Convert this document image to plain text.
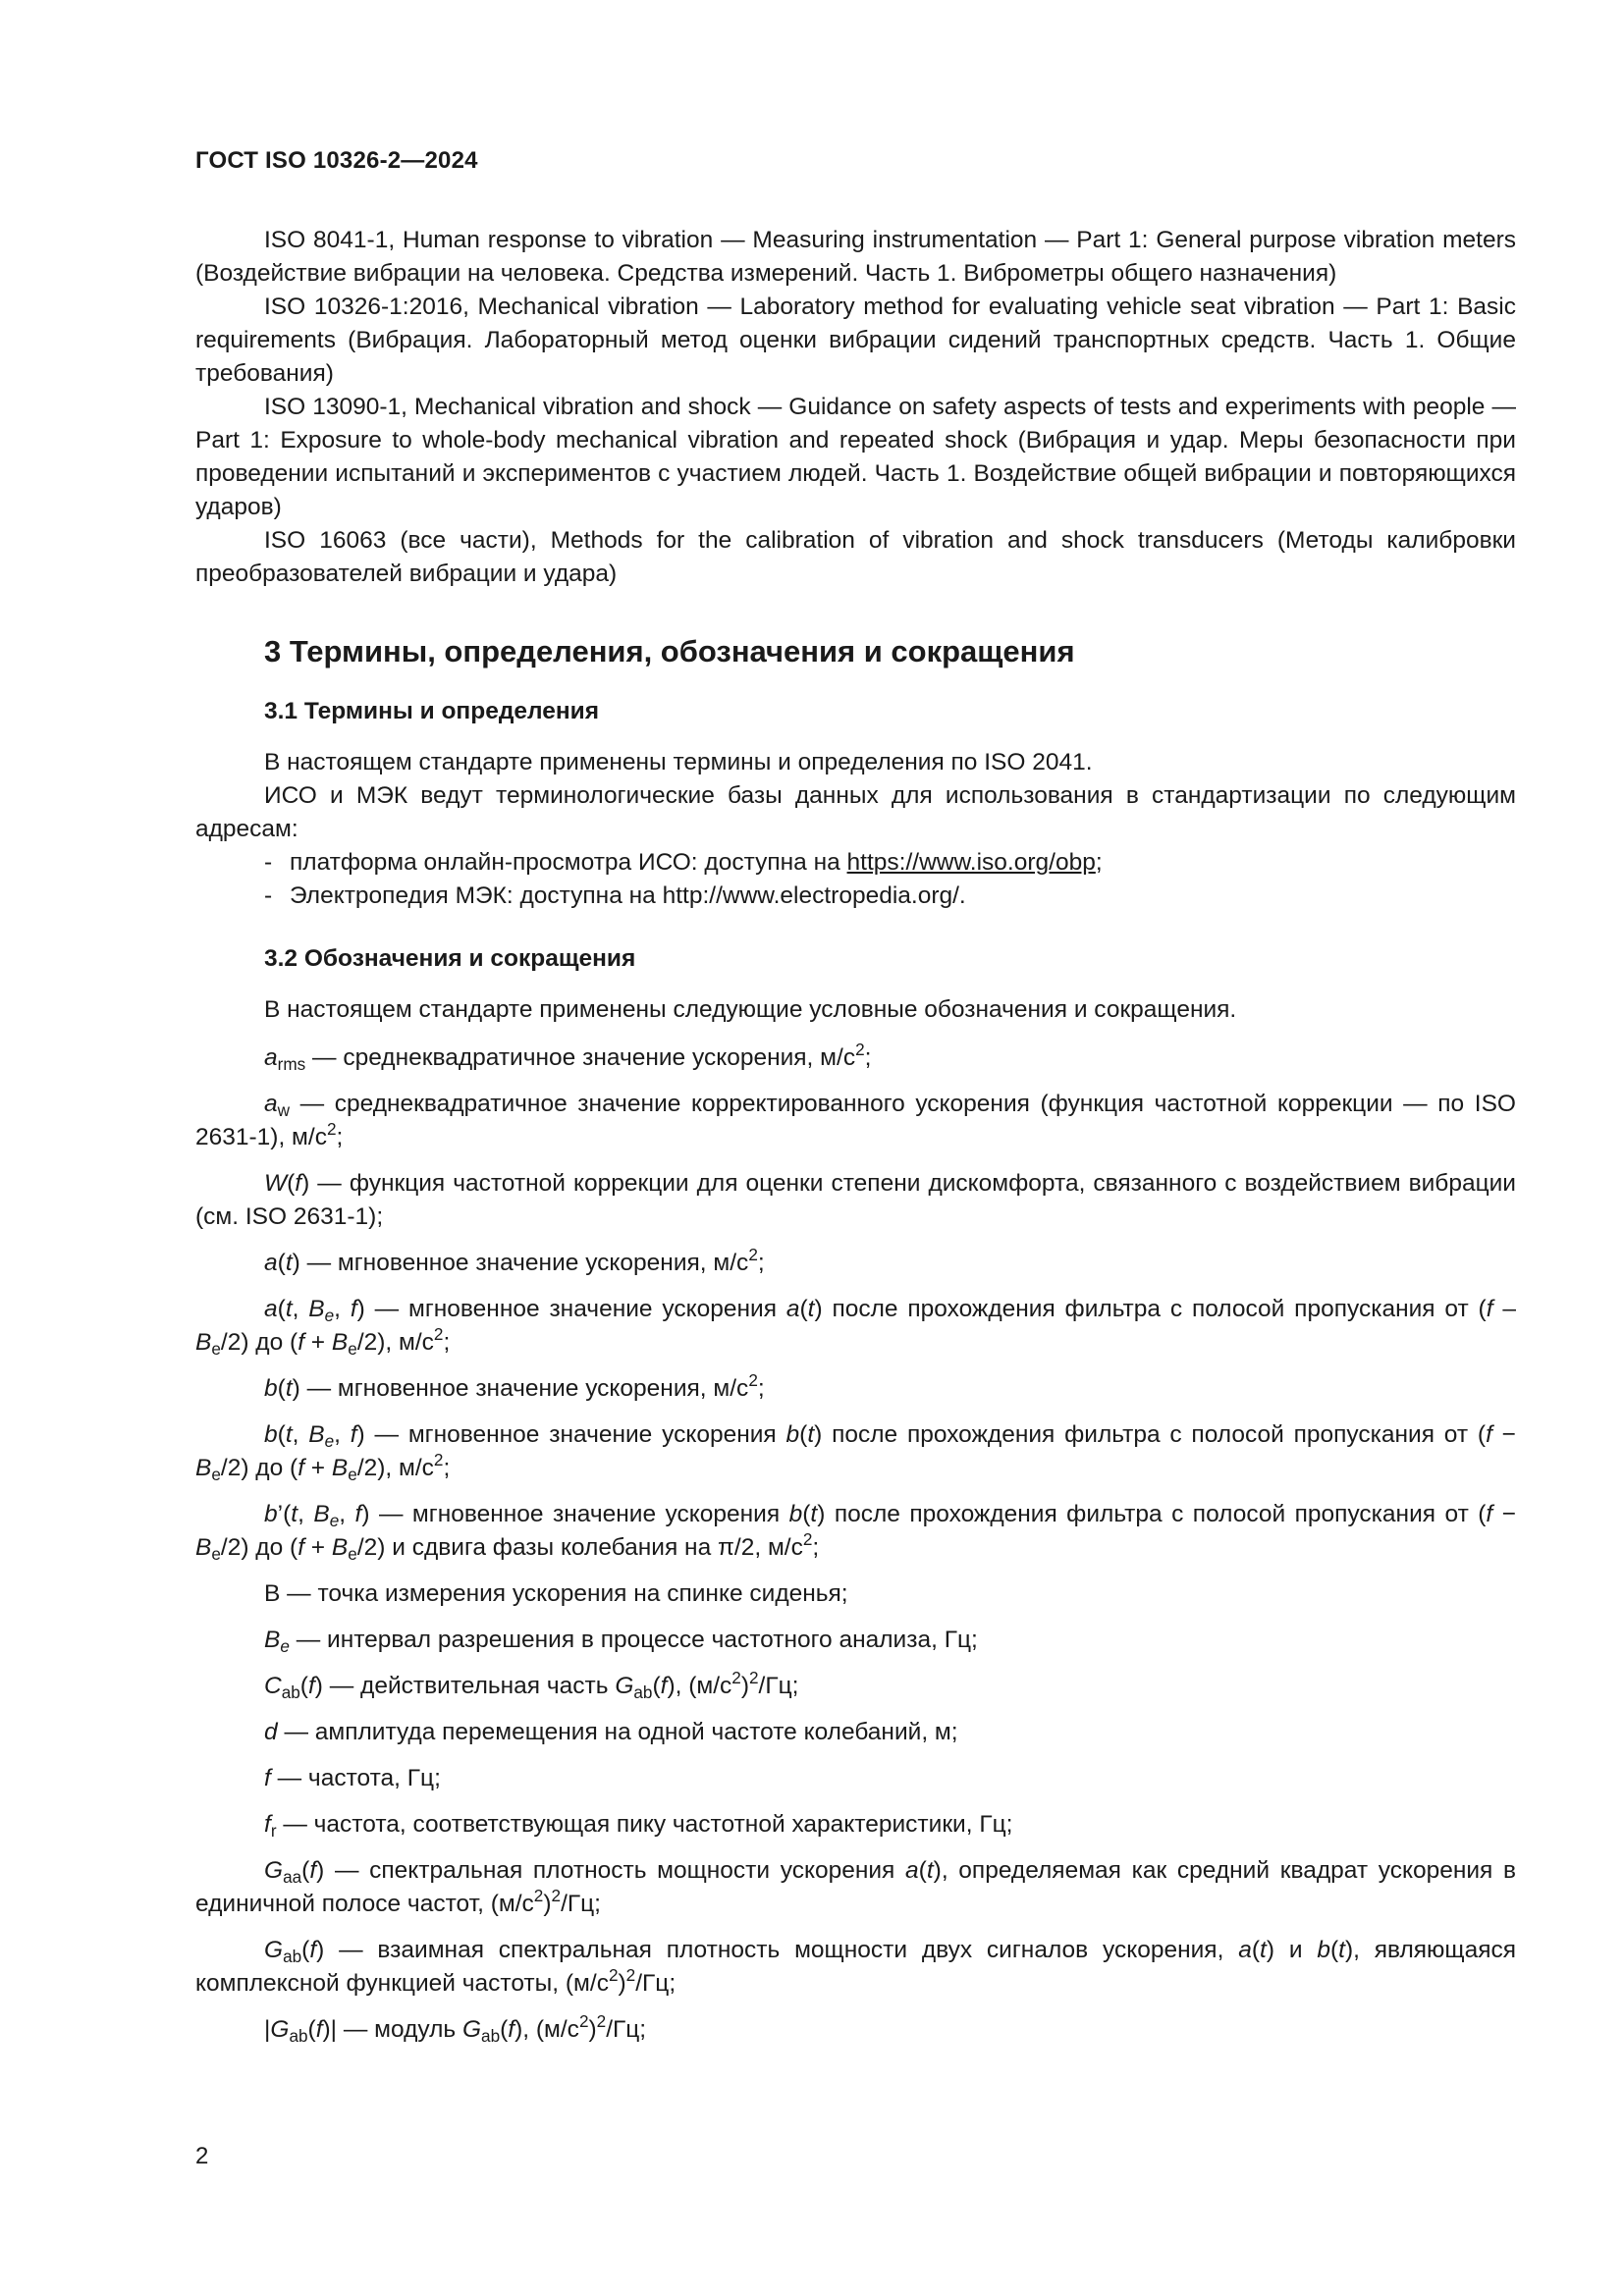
ГОСТ ISO 10326-2—2024

ISO 8041-1, Human response to vibration — Measuring instrumentation — Part 1: General purpose vibration meters (Воздействие вибрации на человека. Средства измерений. Часть 1. Виброметры общего назначения)

ISO 10326-1:2016, Mechanical vibration — Laboratory method for evaluating vehicle seat vibration — Part 1: Basic requirements (Вибрация. Лабораторный метод оценки вибрации сидений транспортных средств. Часть 1. Общие требования)

ISO 13090-1, Mechanical vibration and shock — Guidance on safety aspects of tests and experiments with people — Part 1: Exposure to whole-body mechanical vibration and repeated shock (Вибрация и удар. Меры безопасности при проведении испытаний и экспериментов с участием людей. Часть 1. Воздействие общей вибрации и повторяющихся ударов)

ISO 16063 (все части), Methods for the calibration of vibration and shock transducers (Методы калибровки преобразователей вибрации и удара)

3 Термины, определения, обозначения и сокращения
3.1 Термины и определения

В настоящем стандарте применены термины и определения по ISO 2041.

ИСО и МЭК ведут терминологические базы данных для использования в стандартизации по следующим адресам:

- платформа онлайн-просмотра ИСО: доступна на https://www.iso.org/obp;
- Электропедия МЭК: доступна на http://www.electropedia.org/.
3.2 Обозначения и сокращения

В настоящем стандарте применены следующие условные обозначения и сокращения.

$a_{rms}$ — среднеквадратичное значение ускорения, $м/с^2$;

$a_w$ — среднеквадратичное значение корректированного ускорения (функция частотной коррекции — по ISO 2631-1), $м/с^2$;

W(f) — функция частотной коррекции для оценки степени дискомфорта, связанного с воздействием вибрации (см. ISO 2631-1);

a(t) — мгновенное значение ускорения, $м/с^2$;

a(t, $B_e$, f) — мгновенное значение ускорения a(t) после прохождения фильтра с полосой пропускания от $(f - B_e/2)$ до $(f + B_e/2)$, $м/с^2$;

b(t) — мгновенное значение ускорения, $м/с^2$;

b(t, $B_e$, f) — мгновенное значение ускорения b(t) после прохождения фильтра с полосой пропускания от $(f - B_e/2)$ до $(f + B_e/2)$, $м/с^2$;

b’(t, $B_e$, f) — мгновенное значение ускорения b(t) после прохождения фильтра с полосой пропускания от $(f - B_e/2)$ до $(f + B_e/2)$ и сдвига фазы колебания на π/2, $м/с^2$;

В — точка измерения ускорения на спинке сиденья;

$B_e$ — интервал разрешения в процессе частотного анализа, Гц;

$C_{ab}(f)$ — действительная часть $G_{ab}(f)$, $(м/с^2)^2/Гц$;

d — амплитуда перемещения на одной частоте колебаний, м;

f — частота, Гц;

$f_r$ — частота, соответствующая пику частотной характеристики, Гц;

$G_{aa}(f)$ — спектральная плотность мощности ускорения a(t), определяемая как средний квадрат ускорения в единичной полосе частот, $(м/с^2)^2/Гц$;

$G_{ab}(f)$ — взаимная спектральная плотность мощности двух сигналов ускорения, a(t) и b(t), являющаяся комплексной функцией частоты, $(м/с^2)^2/Гц$;

$|G_{ab}(f)|$ — модуль $G_{ab}(f)$, $(м/с^2)^2/Гц$;

2
